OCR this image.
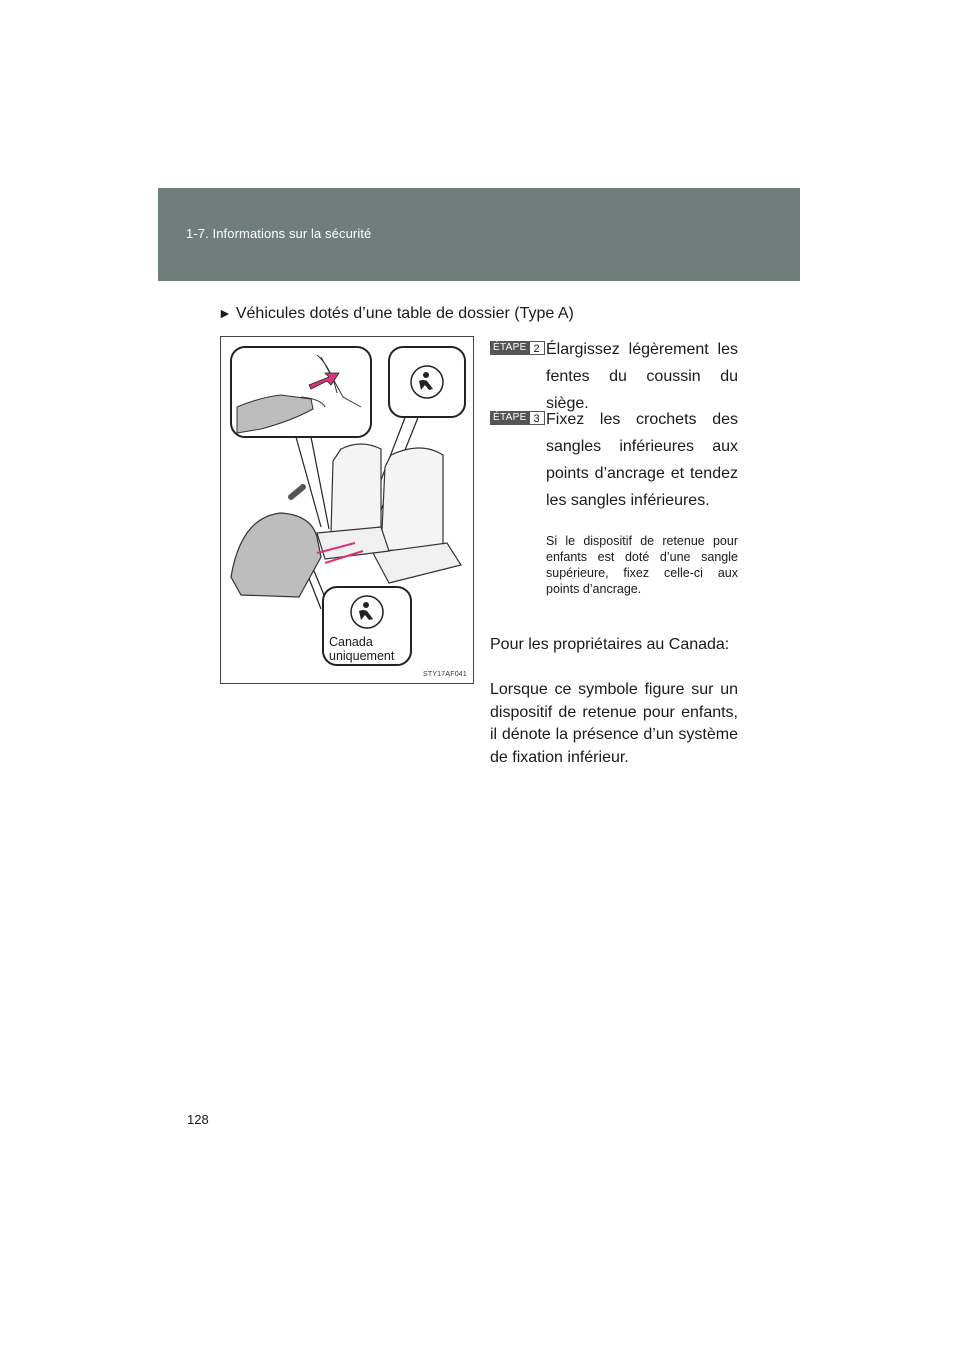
1-7. Informations sur la sécurité
► Véhicules dotés d’une table de dossier (Type A)
Canada
uniquement
STY17AF041
ÉTAPE 2 Élargissez légèrement les fentes du coussin du siège.
ÉTAPE 3 Fixez les crochets des sangles inférieures aux points d’ancrage et tendez les sangles inférieures.
Si le dispositif de retenue pour enfants est doté d’une sangle supérieure, fixez celle-ci aux points d’ancrage.
Pour les propriétaires au Canada:
Lorsque ce symbole figure sur un dispositif de retenue pour enfants, il dénote la présence d’un système de fixation inférieur.
128
